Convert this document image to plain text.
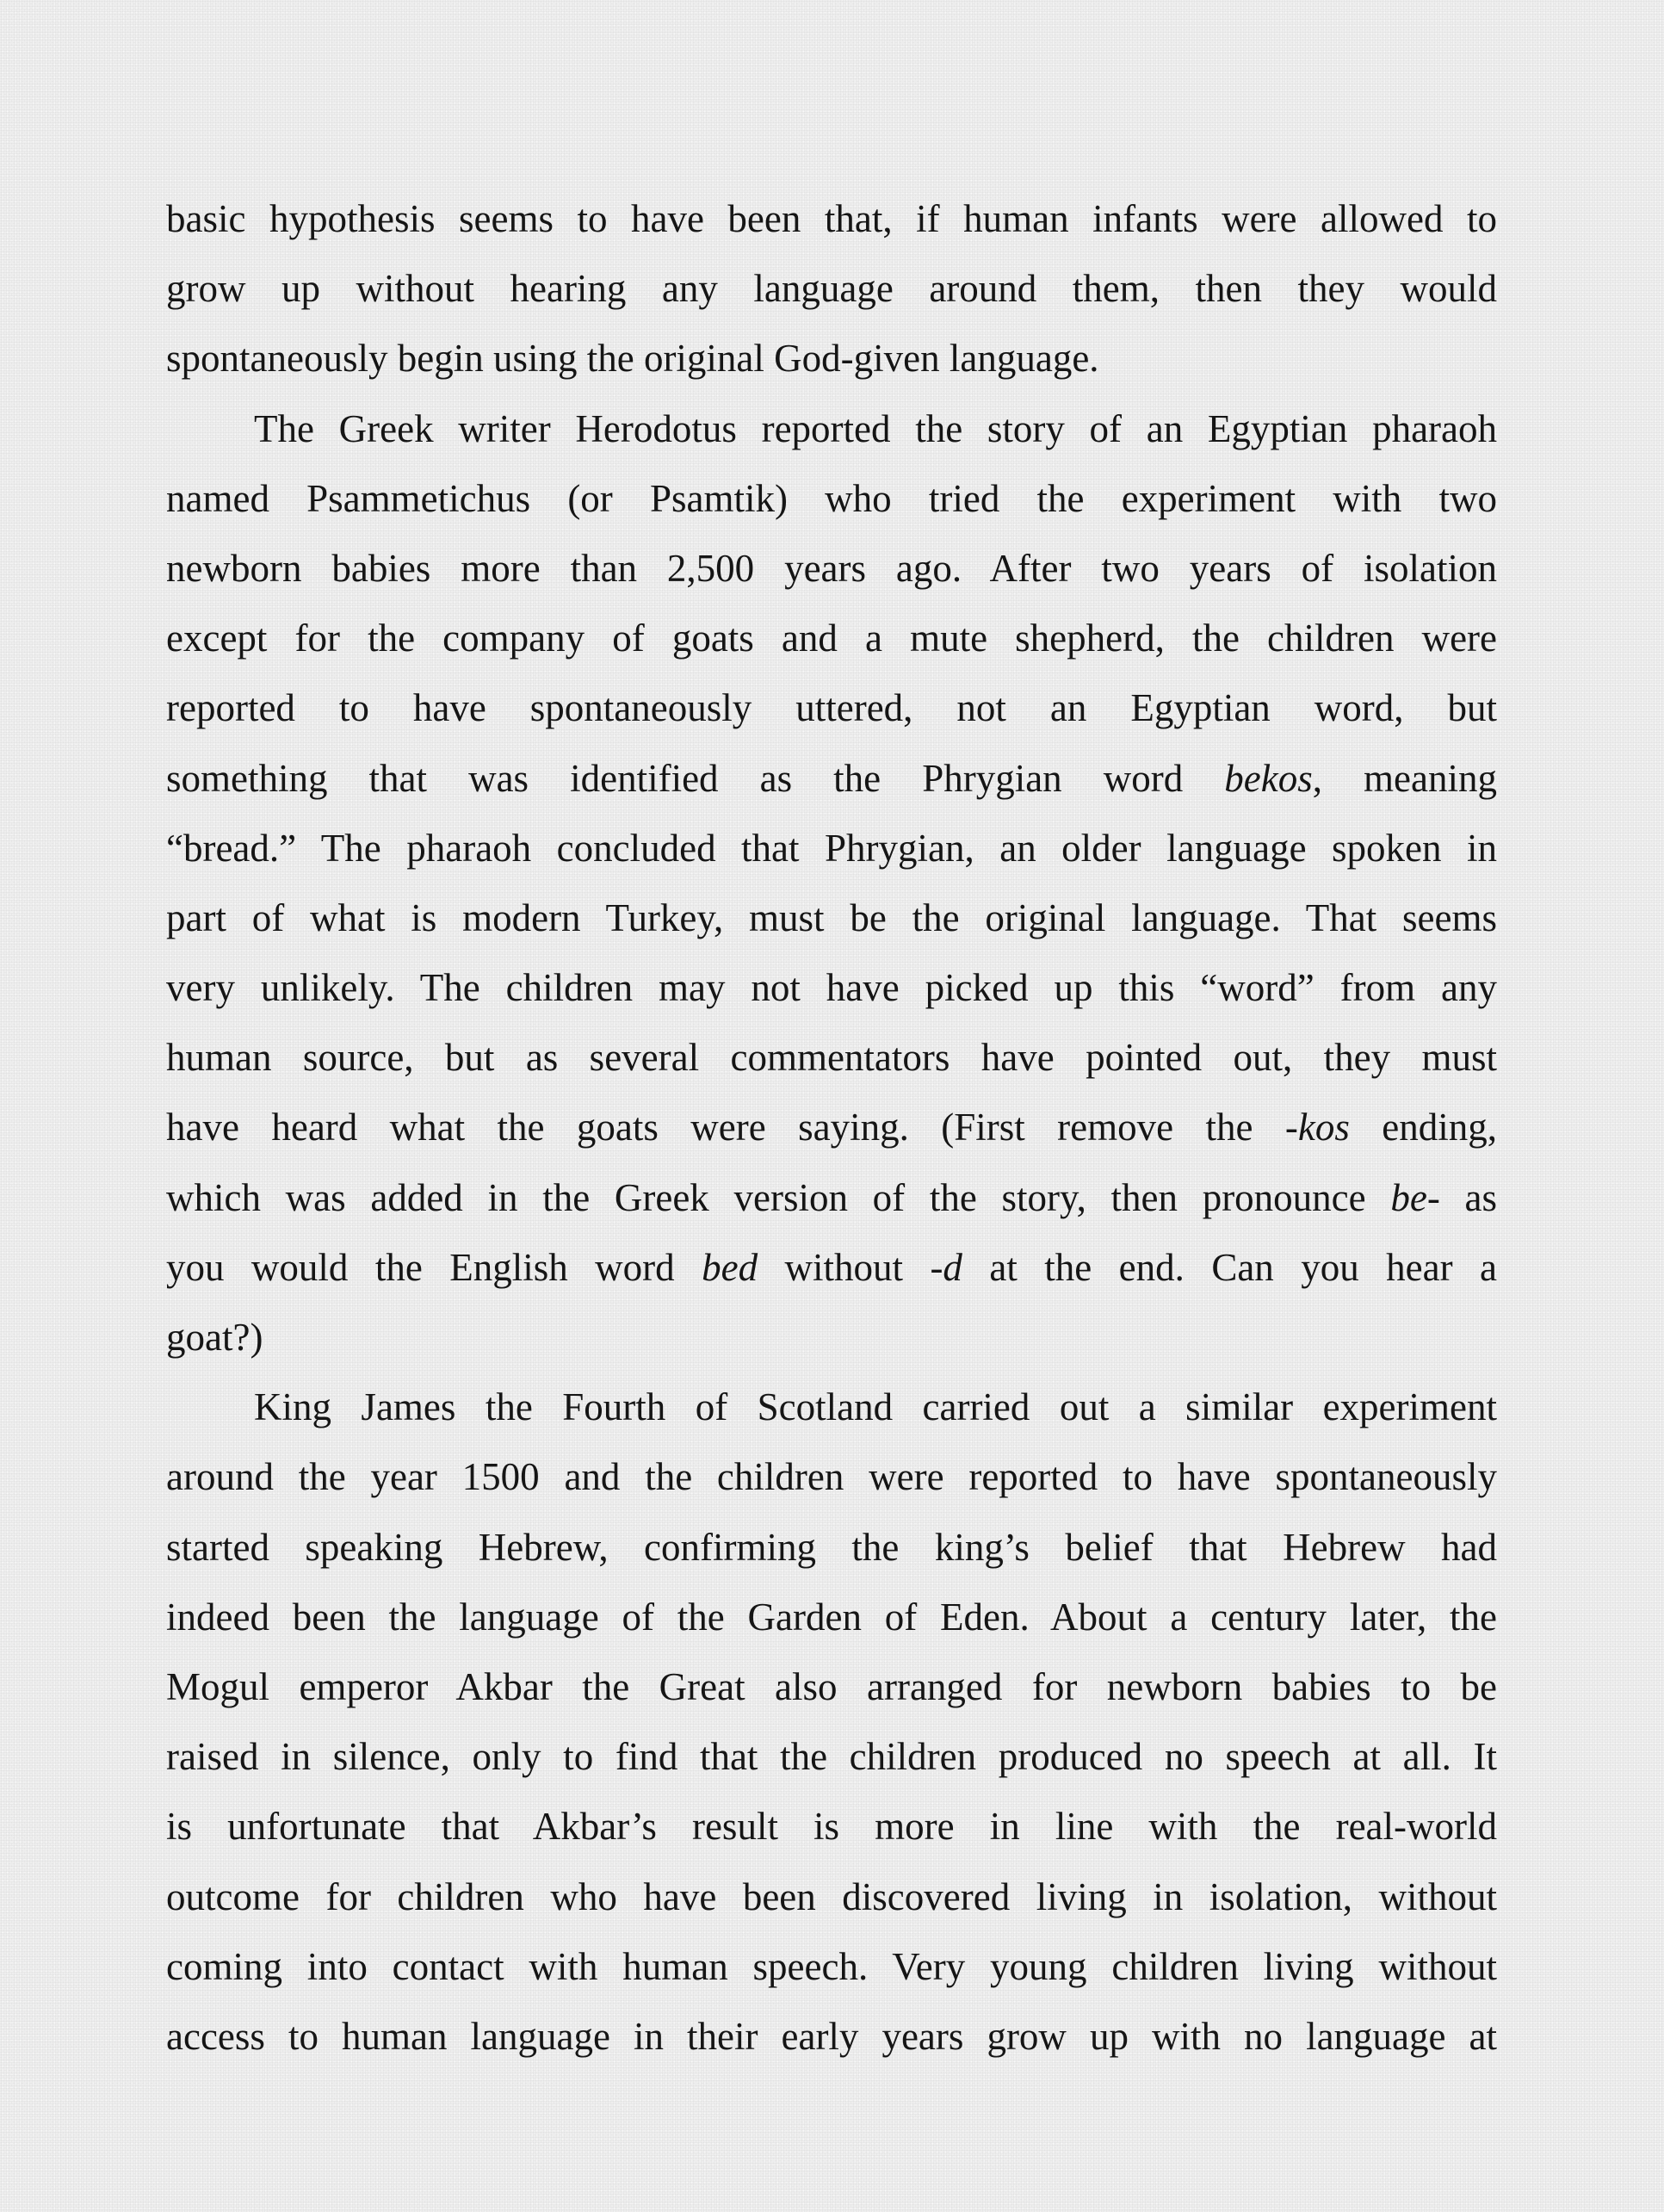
basic hypothesis seems to have been that, if human infants were allowed to
grow up without hearing any language around them, then they would
spontaneously begin using the original God-given language.
The Greek writer Herodotus reported the story of an Egyptian pharaoh
named Psammetichus (or Psamtik) who tried the experiment with two
newborn babies more than 2,500 years ago. After two years of isolation
except for the company of goats and a mute shepherd, the children were
reported to have spontaneously uttered, not an Egyptian word, but
something that was identified as the Phrygian word bekos, meaning
“bread.” The pharaoh concluded that Phrygian, an older language spoken in
part of what is modern Turkey, must be the original language. That seems
very unlikely. The children may not have picked up this “word” from any
human source, but as several commentators have pointed out, they must
have heard what the goats were saying. (First remove the -kos ending,
which was added in the Greek version of the story, then pronounce be- as
you would the English word bed without -d at the end. Can you hear a
goat?)
King James the Fourth of Scotland carried out a similar experiment
around the year 1500 and the children were reported to have spontaneously
started speaking Hebrew, confirming the king’s belief that Hebrew had
indeed been the language of the Garden of Eden. About a century later, the
Mogul emperor Akbar the Great also arranged for newborn babies to be
raised in silence, only to find that the children produced no speech at all. It
is unfortunate that Akbar’s result is more in line with the real-world
outcome for children who have been discovered living in isolation, without
coming into contact with human speech. Very young children living without
access to human language in their early years grow up with no language at
